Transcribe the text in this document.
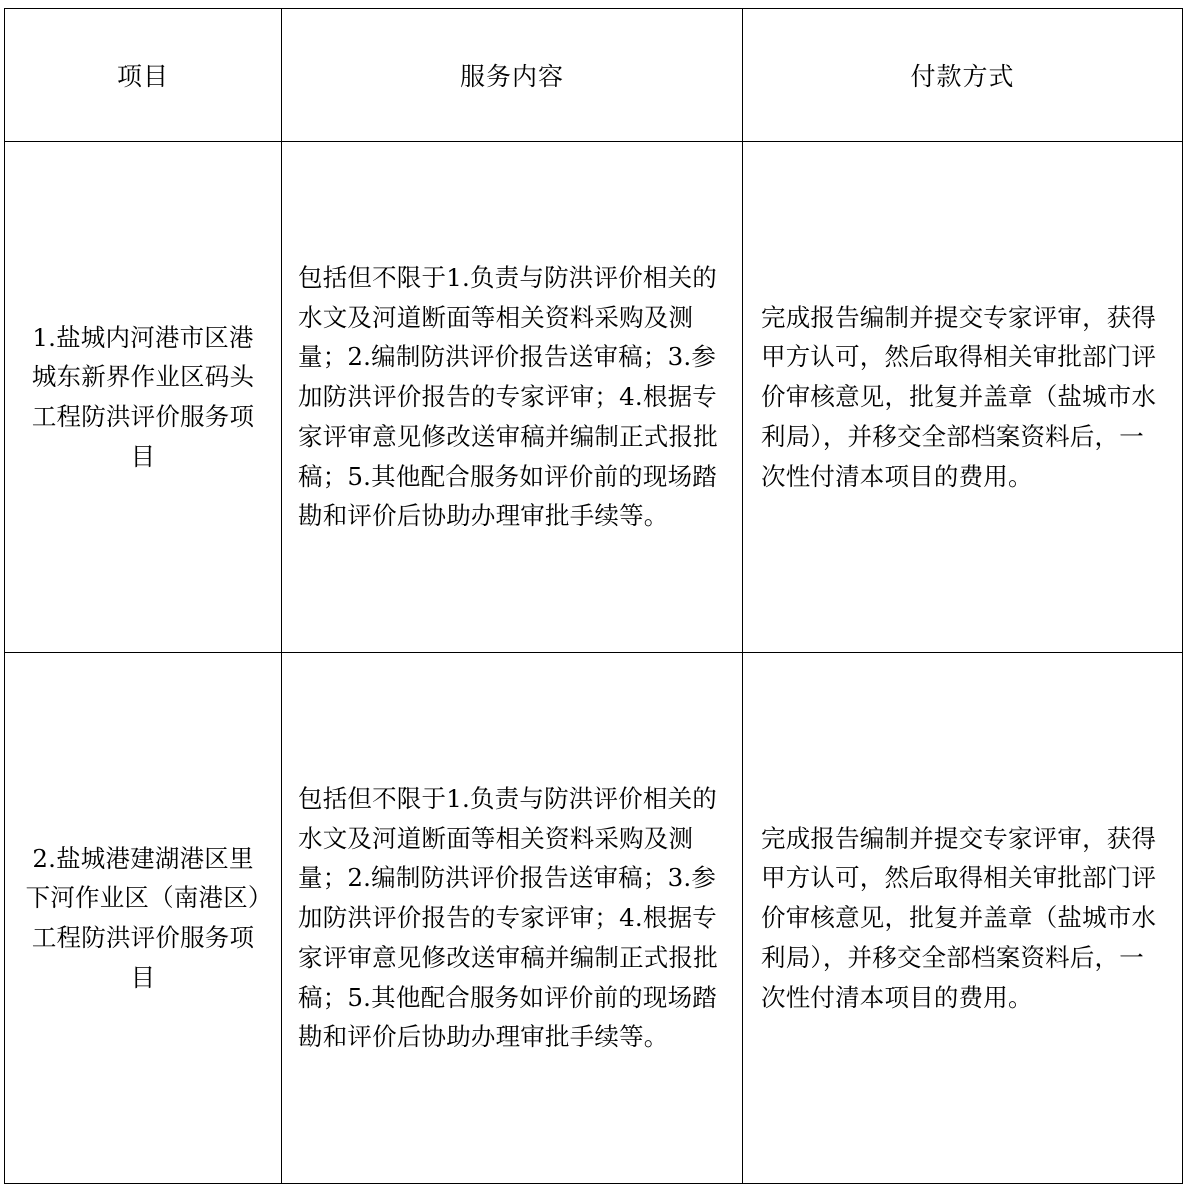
项目	服务内容	付款方式

1.盐城内河港市区港城东新界作业区码头工程防洪评价服务项目	包括但不限于1.负责与防洪评价相关的水文及河道断面等相关资料采购及测量；2.编制防洪评价报告送审稿；3.参加防洪评价报告的专家评审；4.根据专家评审意见修改送审稿并编制正式报批稿；5.其他配合服务如评价前的现场踏勘和评价后协助办理审批手续等。	完成报告编制并提交专家评审，获得甲方认可，然后取得相关审批部门评价审核意见，批复并盖章（盐城市水利局），并移交全部档案资料后，一次性付清本项目的费用。

2.盐城港建湖港区里下河作业区（南港区）工程防洪评价服务项目	包括但不限于1.负责与防洪评价相关的水文及河道断面等相关资料采购及测量；2.编制防洪评价报告送审稿；3.参加防洪评价报告的专家评审；4.根据专家评审意见修改送审稿并编制正式报批稿；5.其他配合服务如评价前的现场踏勘和评价后协助办理审批手续等。	完成报告编制并提交专家评审，获得甲方认可，然后取得相关审批部门评价审核意见，批复并盖章（盐城市水利局），并移交全部档案资料后，一次性付清本项目的费用。
